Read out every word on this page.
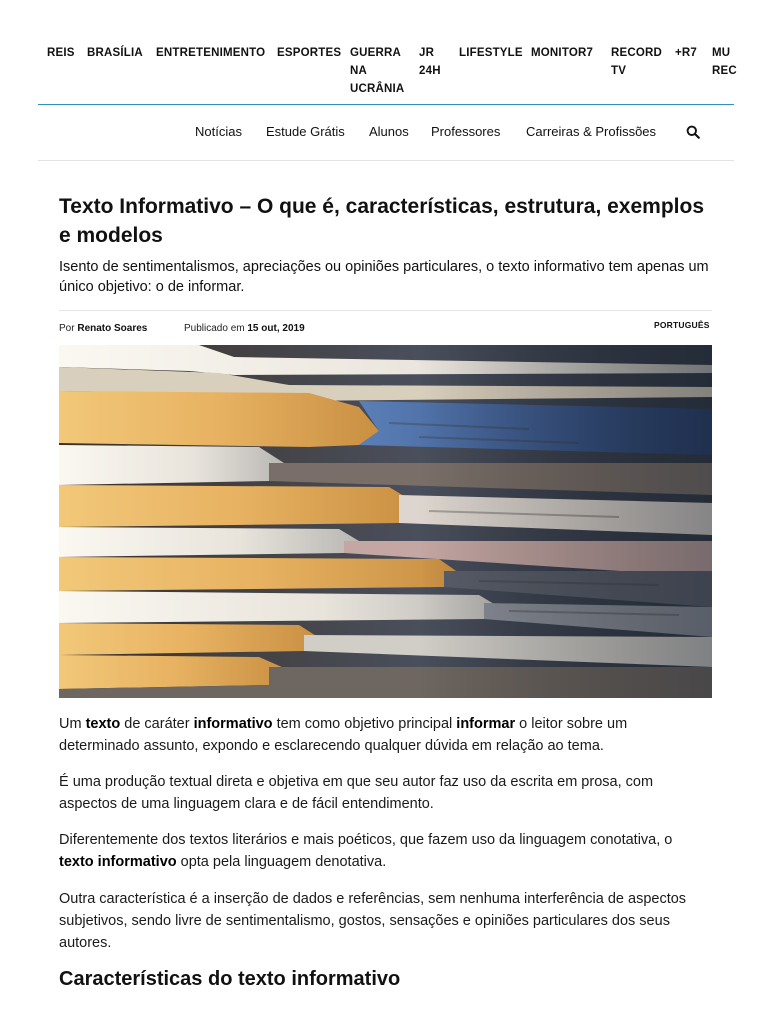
REIS BRASÍLIA ENTRETENIMENTO ESPORTES GUERRA
NA
UCRÂNIA
JR
24H
LIFESTYLE MONITOR7 RECORD
TV
+R7 MU
REC
Notícias Estude Grátis Alunos Professores Carreiras & Profissões
Texto Informativo – O que é, características, estrutura, exemplos e modelos

Isento de sentimentalismos, apreciações ou opiniões particulares, o texto informativo tem apenas um único objetivo: o de informar.

Por Renato Soares	Publicado em 15 out, 2019	PORTUGUÊS

Um texto de caráter informativo tem como objetivo principal informar o leitor sobre um determinado assunto, expondo e esclarecendo qualquer dúvida em relação ao tema.

É uma produção textual direta e objetiva em que seu autor faz uso da escrita em prosa, com aspectos de uma linguagem clara e de fácil entendimento.

Diferentemente dos textos literários e mais poéticos, que fazem uso da linguagem conotativa, o texto informativo opta pela linguagem denotativa.

Outra característica é a inserção de dados e referências, sem nenhuma interferência de aspectos subjetivos, sendo livre de sentimentalismo, gostos, sensações e opiniões particulares dos seus autores.

Características do texto informativo
